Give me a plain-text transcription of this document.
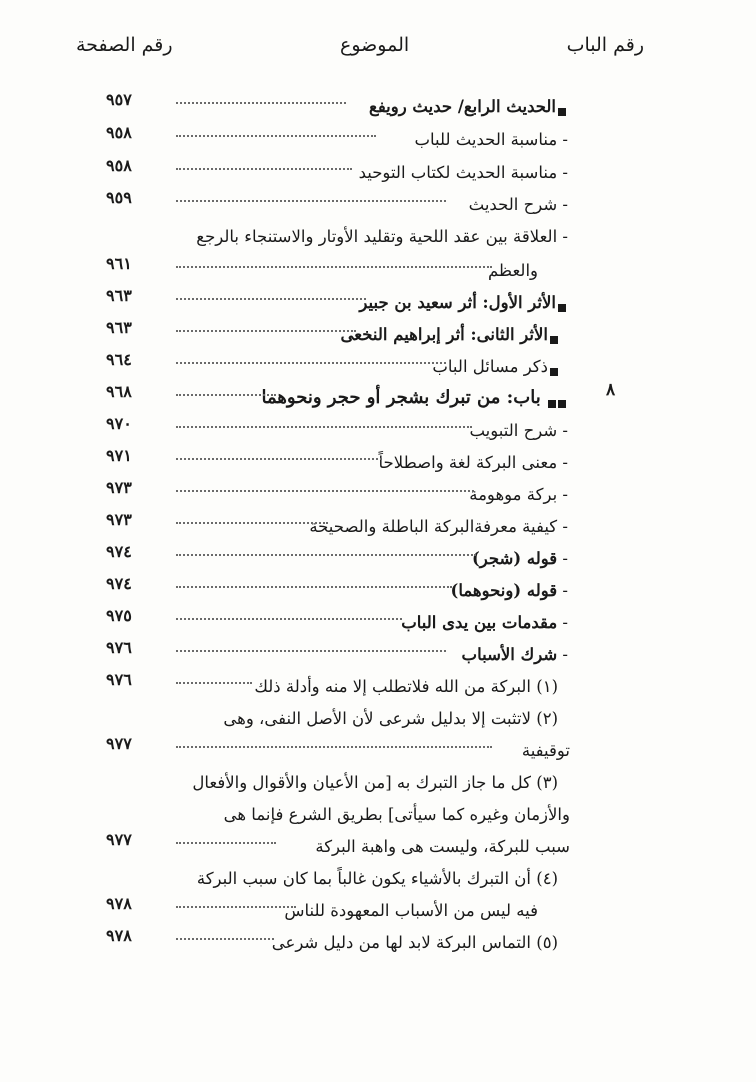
رقم الباب
الموضوع
رقم الصفحة
الحديث الرابع/ حديث رويفع
٩٥٧
-
مناسبة الحديث للباب
٩٥٨
-
مناسبة الحديث لكتاب التوحيد
٩٥٨
-
شرح الحديث
٩٥٩
-
العلاقة بين عقد اللحية وتقليد الأوتار والاستنجاء بالرجع
والعظم
٩٦١
الأثر الأول: أثر سعيد بن جبير
٩٦٣
الأثر الثانى: أثر إبراهيم النخعى
٩٦٣
ذكر مسائل الباب
٩٦٤
٨

باب: من تبرك بشجر أو حجر ونحوهما
٩٦٨
-
شرح التبويب
٩٧٠
-
معنى البركة لغة واصطلاحاً
٩٧١
-
بركة موهومة
٩٧٣
-
كيفية معرفةالبركة الباطلة والصحيحة
٩٧٣
-
قوله (شجر)
٩٧٤
-
قوله (ونحوهما)
٩٧٤
-
مقدمات بين يدى الباب
٩٧٥
-
شرك الأسباب
٩٧٦
(١) البركة من الله فلاتطلب إلا منه وأدلة ذلك
٩٧٦
(٢) لاتثبت إلا بدليل شرعى لأن الأصل النفى، وهى
توقيفية
٩٧٧
(٣) كل ما جاز التبرك به [من الأعيان والأقوال والأفعال
والأزمان وغيره كما سيأتى] بطريق الشرع فإنما هى
سبب للبركة، وليست هى واهبة البركة
٩٧٧
(٤) أن التبرك بالأشياء يكون غالباً بما كان سبب البركة
فيه ليس من الأسباب المعهودة للناس
٩٧٨
(٥) التماس البركة لابد لها من دليل شرعى
٩٧٨
